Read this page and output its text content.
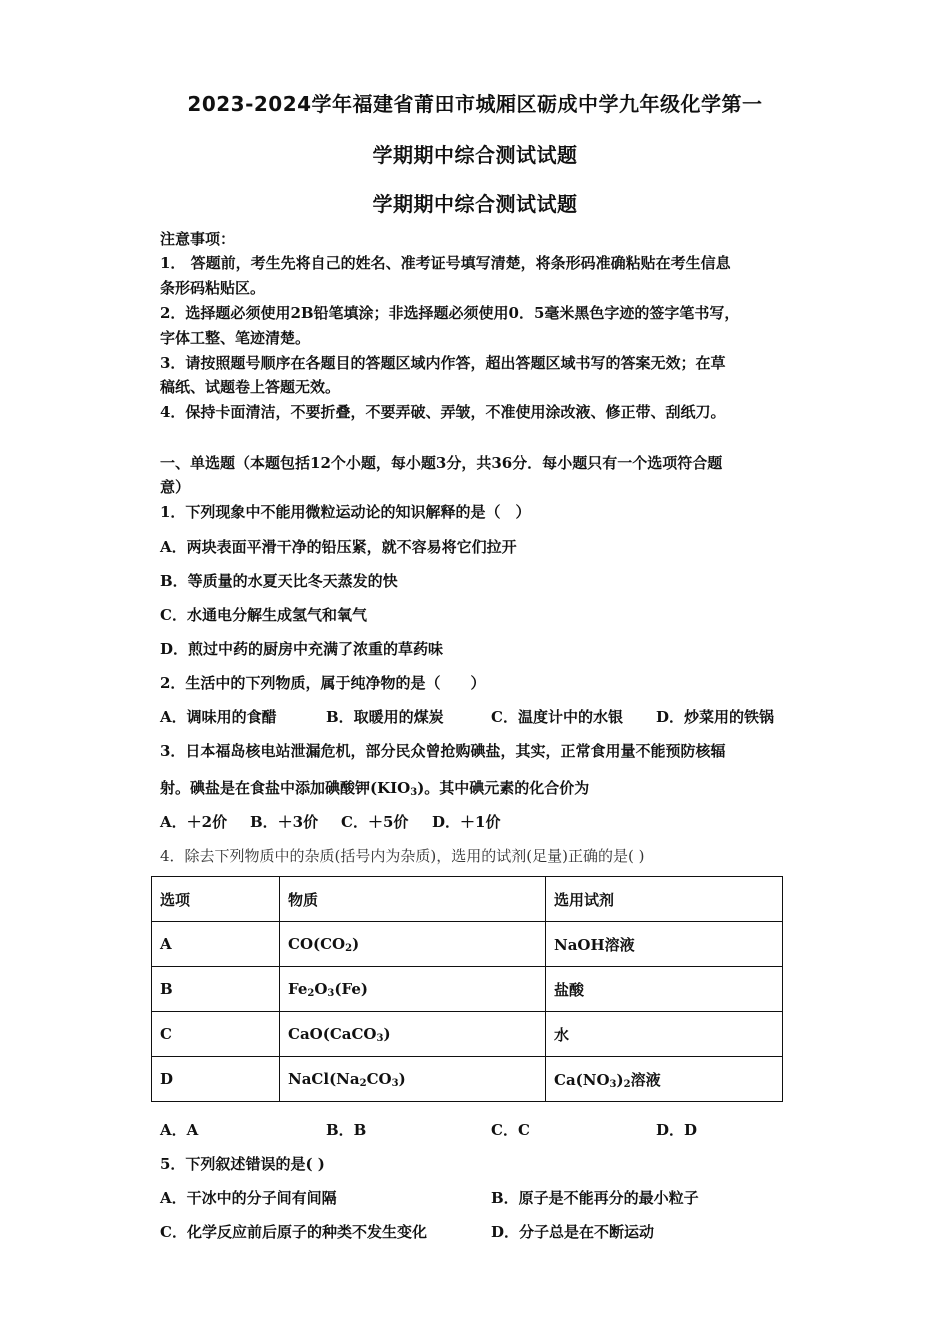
2023-2024学年福建省莆田市城厢区砺成中学九年级化学第一
学期期中综合测试试题
学期期中综合测试试题
注意事项：
1． 答题前，考生先将自己的姓名、准考证号填写清楚，将条形码准确粘贴在考生信息
条形码粘贴区。
2．选择题必须使用2B铅笔填涂；非选择题必须使用0．5毫米黑色字迹的签字笔书写，
字体工整、笔迹清楚。
3．请按照题号顺序在各题目的答题区域内作答，超出答题区域书写的答案无效；在草
稿纸、试题卷上答题无效。
4．保持卡面清洁，不要折叠，不要弄破、弄皱，不准使用涂改液、修正带、刮纸刀。
一、单选题（本题包括12个小题，每小题3分，共36分．每小题只有一个选项符合题
意）
1．下列现象中不能用微粒运动论的知识解释的是（　）
A．两块表面平滑干净的铅压紧，就不容易将它们拉开
B．等质量的水夏天比冬天蒸发的快
C．水通电分解生成氢气和氧气
D．煎过中药的厨房中充满了浓重的草药味
2．生活中的下列物质，属于纯净物的是（　　）
A．调味用的食醋	B．取暖用的煤炭	C．温度计中的水银 D．炒菜用的铁锅
3．日本福岛核电站泄漏危机，部分民众曾抢购碘盐，其实，正常食用量不能预防核辐
射。碘盐是在食盐中添加碘酸钾$(KIO_3)$。其中碘元素的化合价为
A．＋2价 B．＋3价 C．＋5价 D．＋1价
4．除去下列物质中的杂质(括号内为杂质)，选用的试剂(足量)正确的是( )
选项	物质	选用试剂
A	$CO(CO_2)$	NaOH溶液
B	$Fe_2O_3(Fe)$	盐酸
C	CaO(CaCO$_3$)	水
D	$NaCl(Na_2CO_3)$	$Ca(NO_3)_2$溶液
A．A	B．B	C．C	D．D
5．下列叙述错误的是( )
A．干冰中的分子间有间隔	B．原子是不能再分的最小粒子
C．化学反应前后原子的种类不发生变化	D．分子总是在不断运动
